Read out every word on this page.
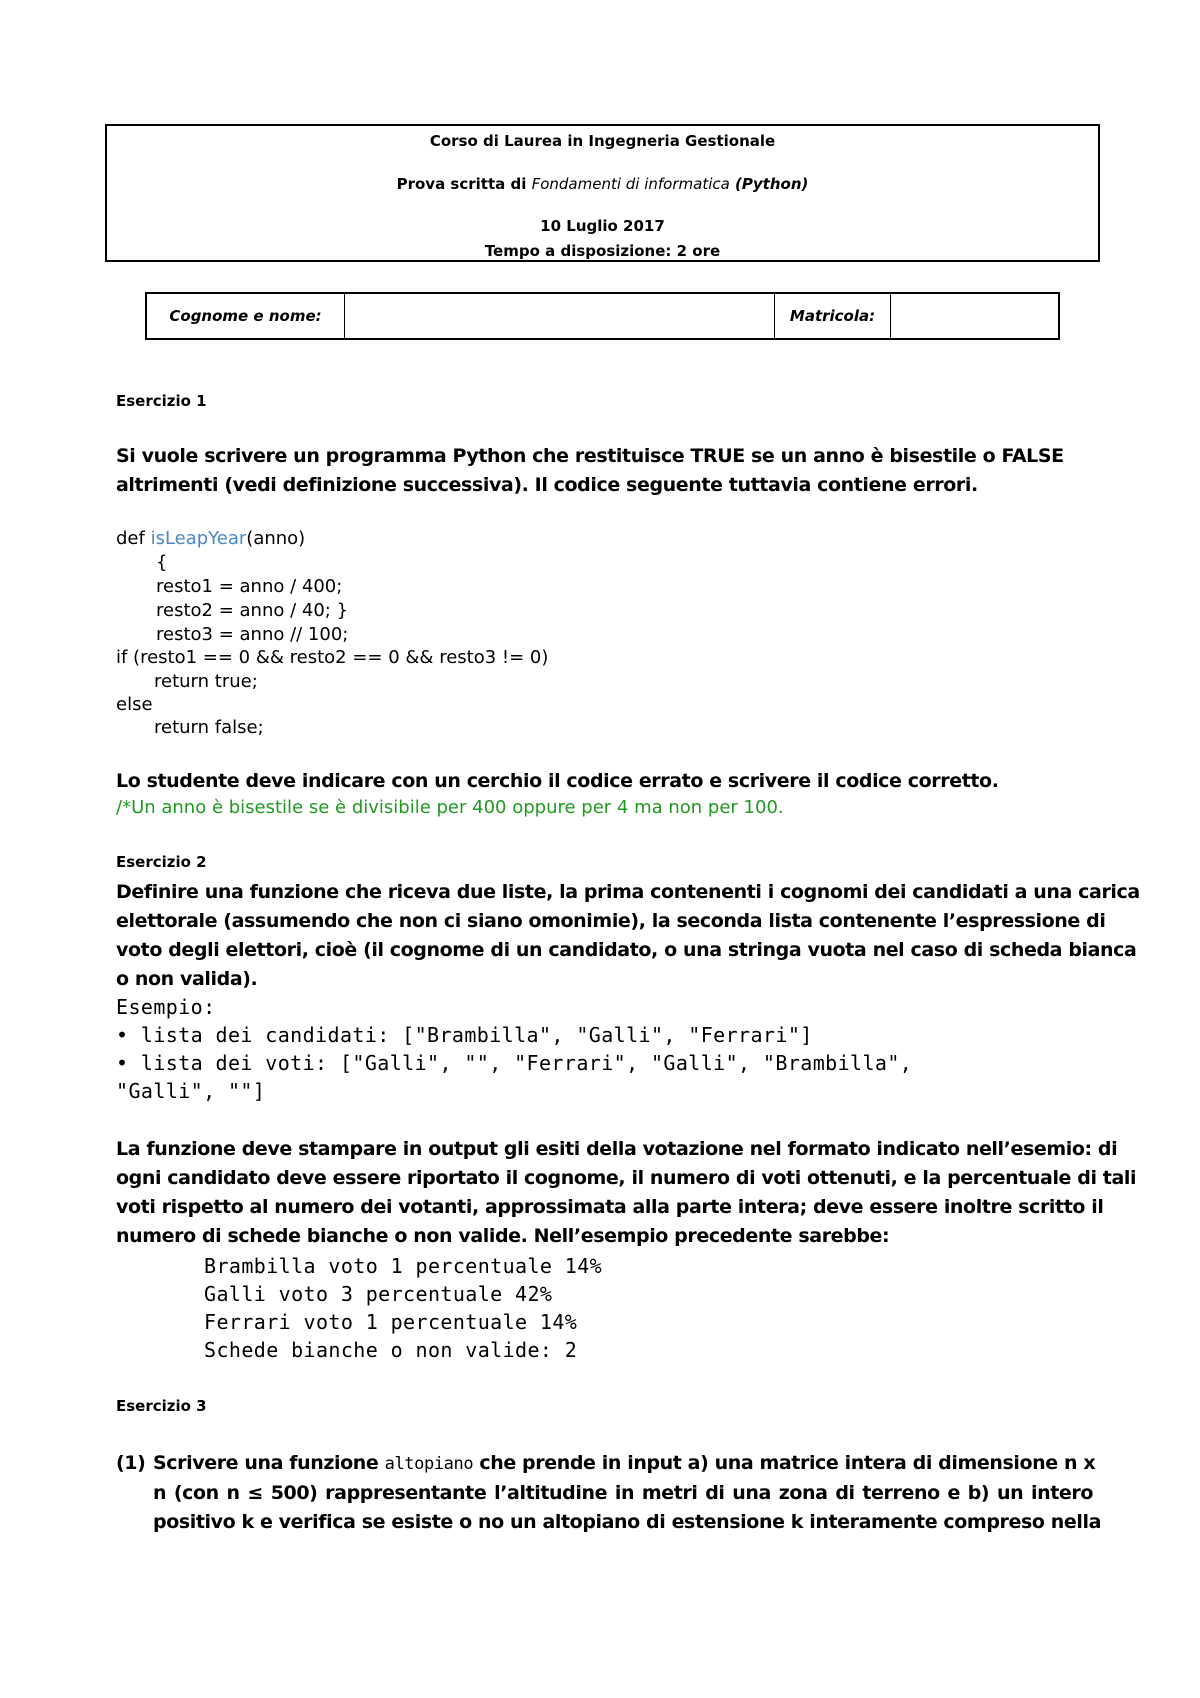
Corso di Laurea in Ingegneria Gestionale
Prova scritta di Fondamenti di informatica (Python)
10 Luglio 2017
Tempo a disposizione: 2 ore
Cognome e nome:	Matricola:
Esercizio 1
Si vuole scrivere un programma Python che restituisce TRUE se un anno è bisestile o FALSE
altrimenti (vedi definizione successiva). Il codice seguente tuttavia contiene errori.
def isLeapYear(anno)
{
resto1 = anno / 400;
resto2 = anno / 40; }
resto3 = anno // 100;
if (resto1 == 0 && resto2 == 0 && resto3 != 0)
return true;
else
return false;
Lo studente deve indicare con un cerchio il codice errato e scrivere il codice corretto.
/*Un anno è bisestile se è divisibile per 400 oppure per 4 ma non per 100.
Esercizio 2
Definire una funzione che riceva due liste, la prima contenenti i cognomi dei candidati a una carica
elettorale (assumendo che non ci siano omonimie), la seconda lista contenente l’espressione di
voto degli elettori, cioè (il cognome di un candidato, o una stringa vuota nel caso di scheda bianca
o non valida).
Esempio:
• lista dei candidati: ["Brambilla", "Galli", "Ferrari"]
• lista dei voti: ["Galli", "", "Ferrari", "Galli", "Brambilla",
"Galli", ""]
La funzione deve stampare in output gli esiti della votazione nel formato indicato nell’esemio: di
ogni candidato deve essere riportato il cognome, il numero di voti ottenuti, e la percentuale di tali
voti rispetto al numero dei votanti, approssimata alla parte intera; deve essere inoltre scritto il
numero di schede bianche o non valide. Nell’esempio precedente sarebbe:
Brambilla voto 1 percentuale 14%
Galli voto 3 percentuale 42%
Ferrari voto 1 percentuale 14%
Schede bianche o non valide: 2
Esercizio 3
(1) Scrivere una funzione altopiano che prende in input a) una matrice intera di dimensione n x
n (con n ≤ 500) rappresentante l’altitudine in metri di una zona di terreno e b) un intero
positivo k e verifica se esiste o no un altopiano di estensione k interamente compreso nella
